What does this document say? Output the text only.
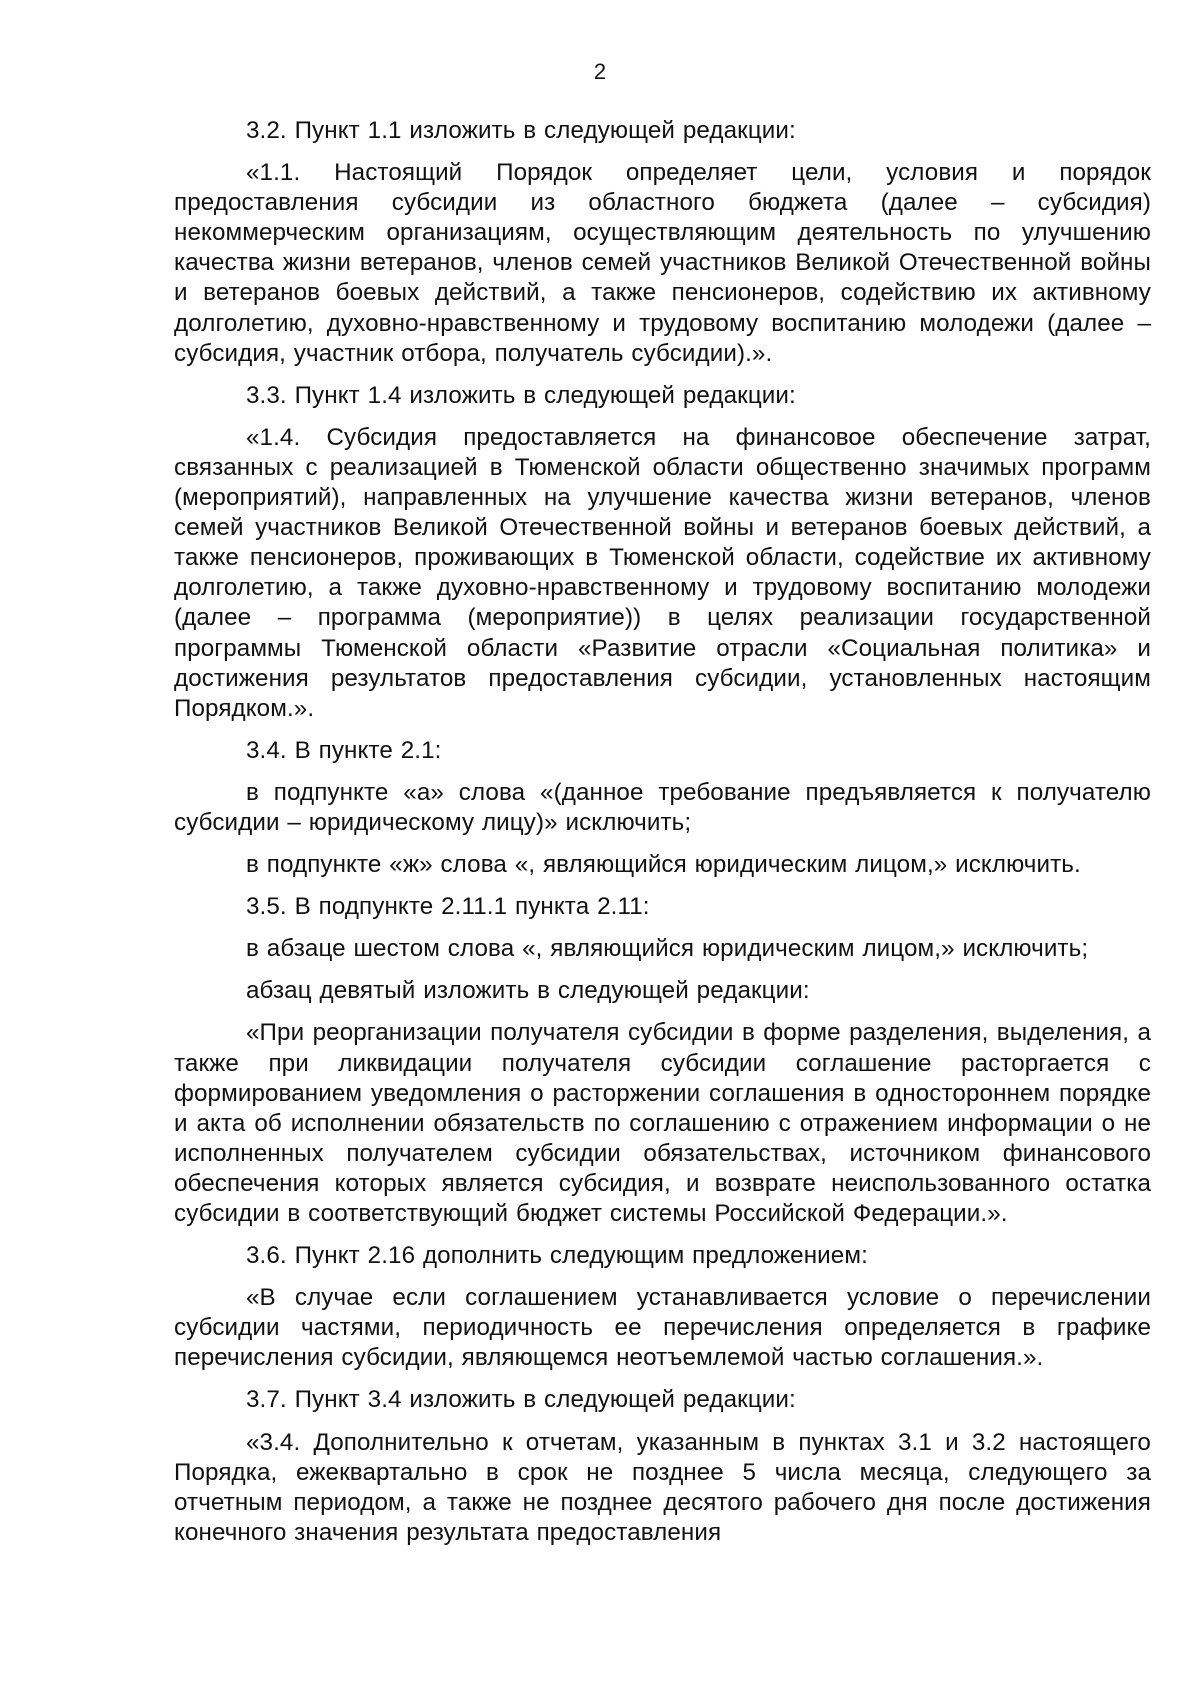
2

3.2. Пункт 1.1 изложить в следующей редакции:

«1.1. Настоящий Порядок определяет цели, условия и порядок предоставления субсидии из областного бюджета (далее – субсидия) некоммерческим организациям, осуществляющим деятельность по улучшению качества жизни ветеранов, членов семей участников Великой Отечественной войны и ветеранов боевых действий, а также пенсионеров, содействию их активному долголетию, духовно-нравственному и трудовому воспитанию молодежи (далее – субсидия, участник отбора, получатель субсидии).».

3.3. Пункт 1.4 изложить в следующей редакции:

«1.4. Субсидия предоставляется на финансовое обеспечение затрат, связанных с реализацией в Тюменской области общественно значимых программ (мероприятий), направленных на улучшение качества жизни ветеранов, членов семей участников Великой Отечественной войны и ветеранов боевых действий, а также пенсионеров, проживающих в Тюменской области, содействие их активному долголетию, а также духовно-нравственному и трудовому воспитанию молодежи (далее – программа (мероприятие)) в целях реализации государственной программы Тюменской области «Развитие отрасли «Социальная политика» и достижения результатов предоставления субсидии, установленных настоящим Порядком.».

3.4. В пункте 2.1:

в подпункте «а» слова «(данное требование предъявляется к получателю субсидии – юридическому лицу)» исключить;

в подпункте «ж» слова «, являющийся юридическим лицом,» исключить.

3.5. В подпункте 2.11.1 пункта 2.11:

в абзаце шестом слова «, являющийся юридическим лицом,» исключить;

абзац девятый изложить в следующей редакции:

«При реорганизации получателя субсидии в форме разделения, выделения, а также при ликвидации получателя субсидии соглашение расторгается с формированием уведомления о расторжении соглашения в одностороннем порядке и акта об исполнении обязательств по соглашению с отражением информации о не исполненных получателем субсидии обязательствах, источником финансового обеспечения которых является субсидия, и возврате неиспользованного остатка субсидии в соответствующий бюджет системы Российской Федерации.».

3.6. Пункт 2.16 дополнить следующим предложением:

«В случае если соглашением устанавливается условие о перечислении субсидии частями, периодичность ее перечисления определяется в графике перечисления субсидии, являющемся неотъемлемой частью соглашения.».

3.7. Пункт 3.4 изложить в следующей редакции:

«3.4. Дополнительно к отчетам, указанным в пунктах 3.1 и 3.2 настоящего Порядка, ежеквартально в срок не позднее 5 числа месяца, следующего за отчетным периодом, а также не позднее десятого рабочего дня после достижения конечного значения результата предоставления
